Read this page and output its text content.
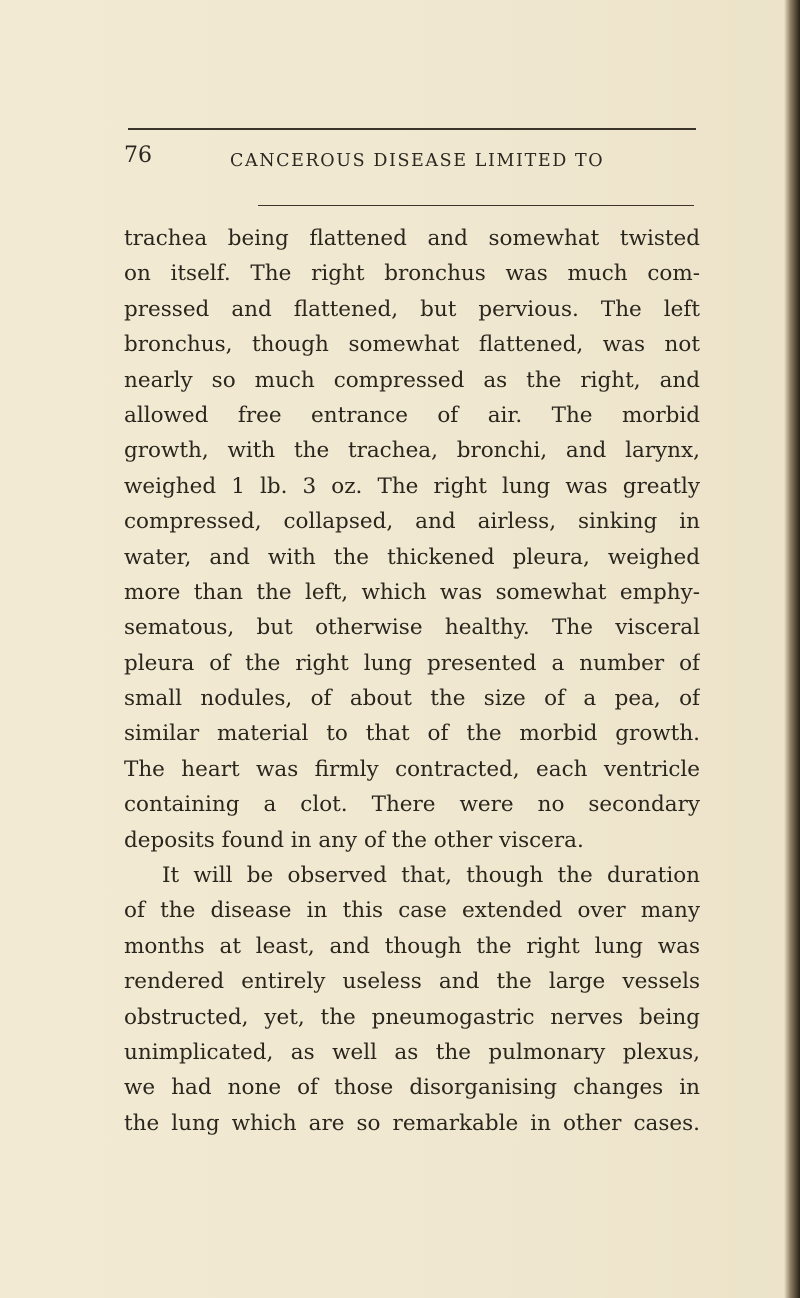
76	CANCEROUS DISEASE LIMITED TO

trachea being flattened and somewhat twisted
on itself. The right bronchus was much com-
pressed and flattened, but pervious. The left
bronchus, though somewhat flattened, was not
nearly so much compressed as the right, and
allowed free entrance of air. The morbid
growth, with the trachea, bronchi, and larynx,
weighed 1 lb. 3 oz. The right lung was greatly
compressed, collapsed, and airless, sinking in
water, and with the thickened pleura, weighed
more than the left, which was somewhat emphy-
sematous, but otherwise healthy. The visceral
pleura of the right lung presented a number of
small nodules, of about the size of a pea, of
similar material to that of the morbid growth.
The heart was firmly contracted, each ventricle
containing a clot. There were no secondary
deposits found in any of the other viscera.
It will be observed that, though the duration
of the disease in this case extended over many
months at least, and though the right lung was
rendered entirely useless and the large vessels
obstructed, yet, the pneumogastric nerves being
unimplicated, as well as the pulmonary plexus,
we had none of those disorganising changes in
the lung which are so remarkable in other cases.
